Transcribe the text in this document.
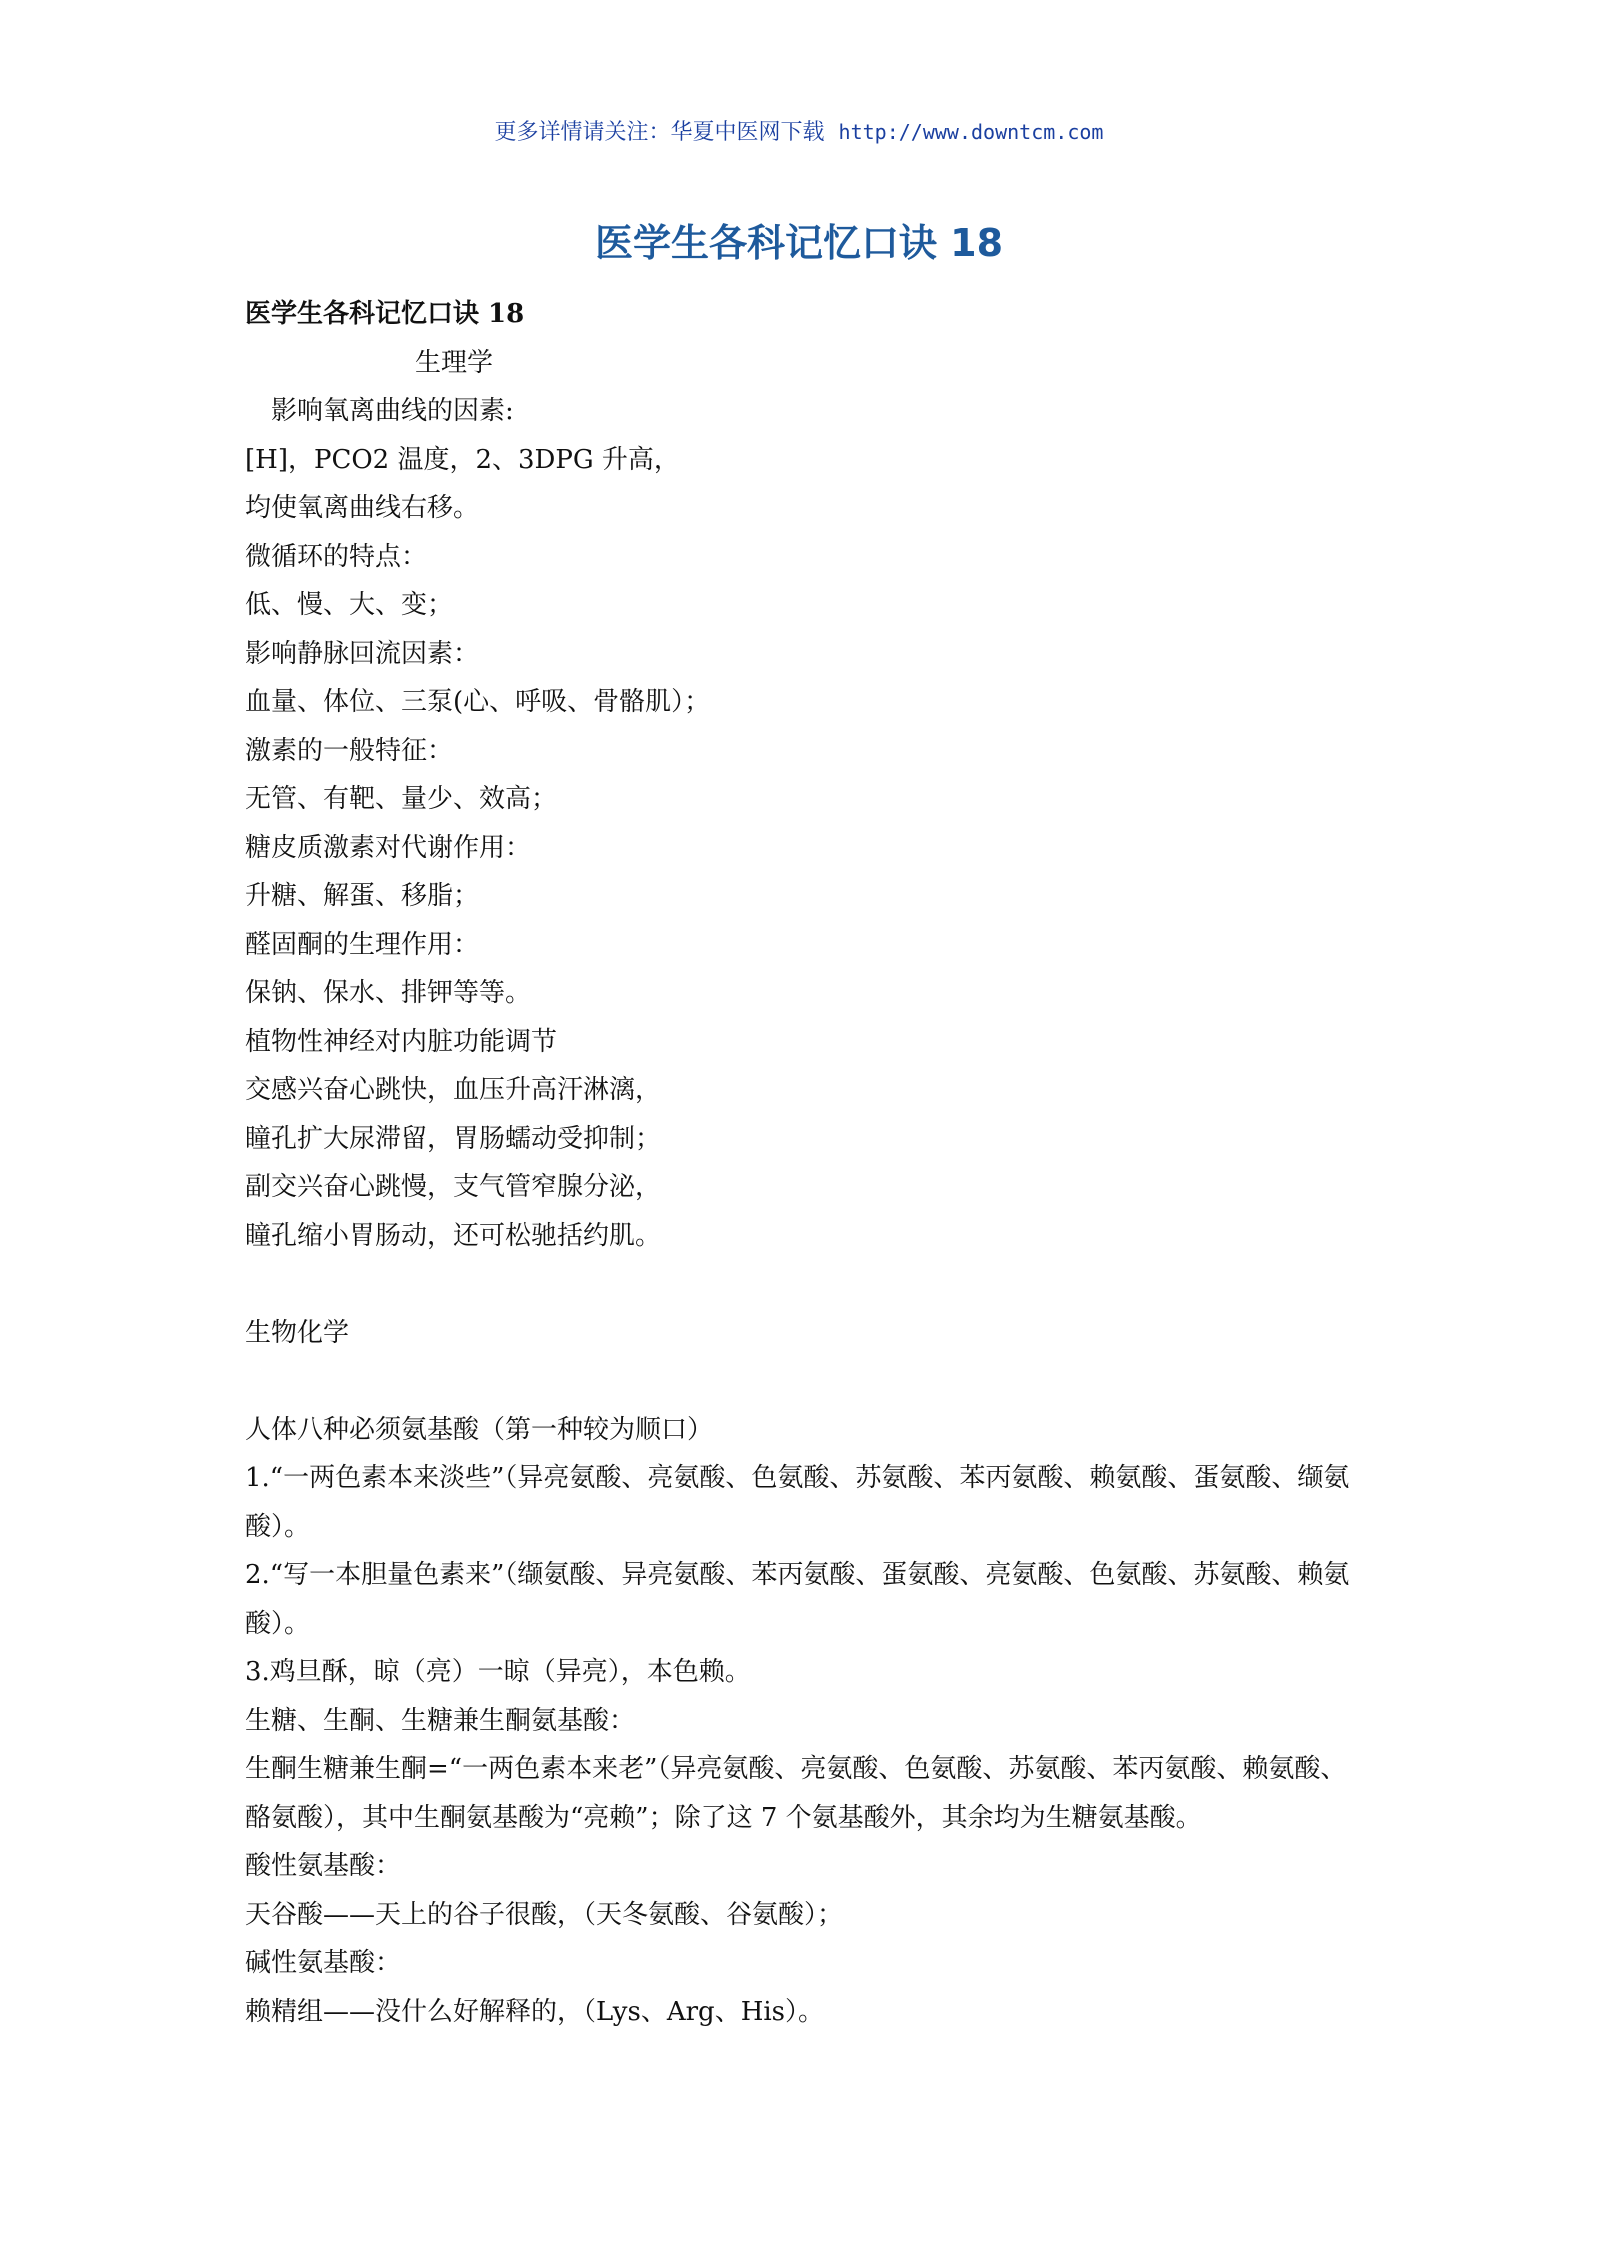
更多详情请关注：华夏中医网下载 http://www.downtcm.com
医学生各科记忆口诀 18
医学生各科记忆口诀 18
生理学
影响氧离曲线的因素:
[H]，PCO2 温度，2、3DPG 升高，
均使氧离曲线右移。
微循环的特点：
低、慢、大、变；
影响静脉回流因素：
血量、体位、三泵(心、呼吸、骨骼肌）；
激素的一般特征：
无管、有靶、量少、效高；
糖皮质激素对代谢作用：
升糖、解蛋、移脂；
醛固酮的生理作用：
保钠、保水、排钾等等。
植物性神经对内脏功能调节
交感兴奋心跳快，血压升高汗淋漓，
瞳孔扩大尿滞留，胃肠蠕动受抑制；
副交兴奋心跳慢，支气管窄腺分泌，
瞳孔缩小胃肠动，还可松驰括约肌。
生物化学
人体八种必须氨基酸（第一种较为顺口）
1.“一两色素本来淡些”（异亮氨酸、亮氨酸、色氨酸、苏氨酸、苯丙氨酸、赖氨酸、蛋氨酸、缬氨酸）。
2.“写一本胆量色素来”（缬氨酸、异亮氨酸、苯丙氨酸、蛋氨酸、亮氨酸、色氨酸、苏氨酸、赖氨酸）。
3.鸡旦酥，晾（亮）一晾（异亮），本色赖。
生糖、生酮、生糖兼生酮氨基酸：
生酮生糖兼生酮=“一两色素本来老”（异亮氨酸、亮氨酸、色氨酸、苏氨酸、苯丙氨酸、赖氨酸、酪氨酸），其中生酮氨基酸为“亮赖”；除了这 7 个氨基酸外，其余均为生糖氨基酸。
酸性氨基酸：
天谷酸——天上的谷子很酸，（天冬氨酸、谷氨酸）；
碱性氨基酸：
赖精组——没什么好解释的，（Lys、Arg、His）。
